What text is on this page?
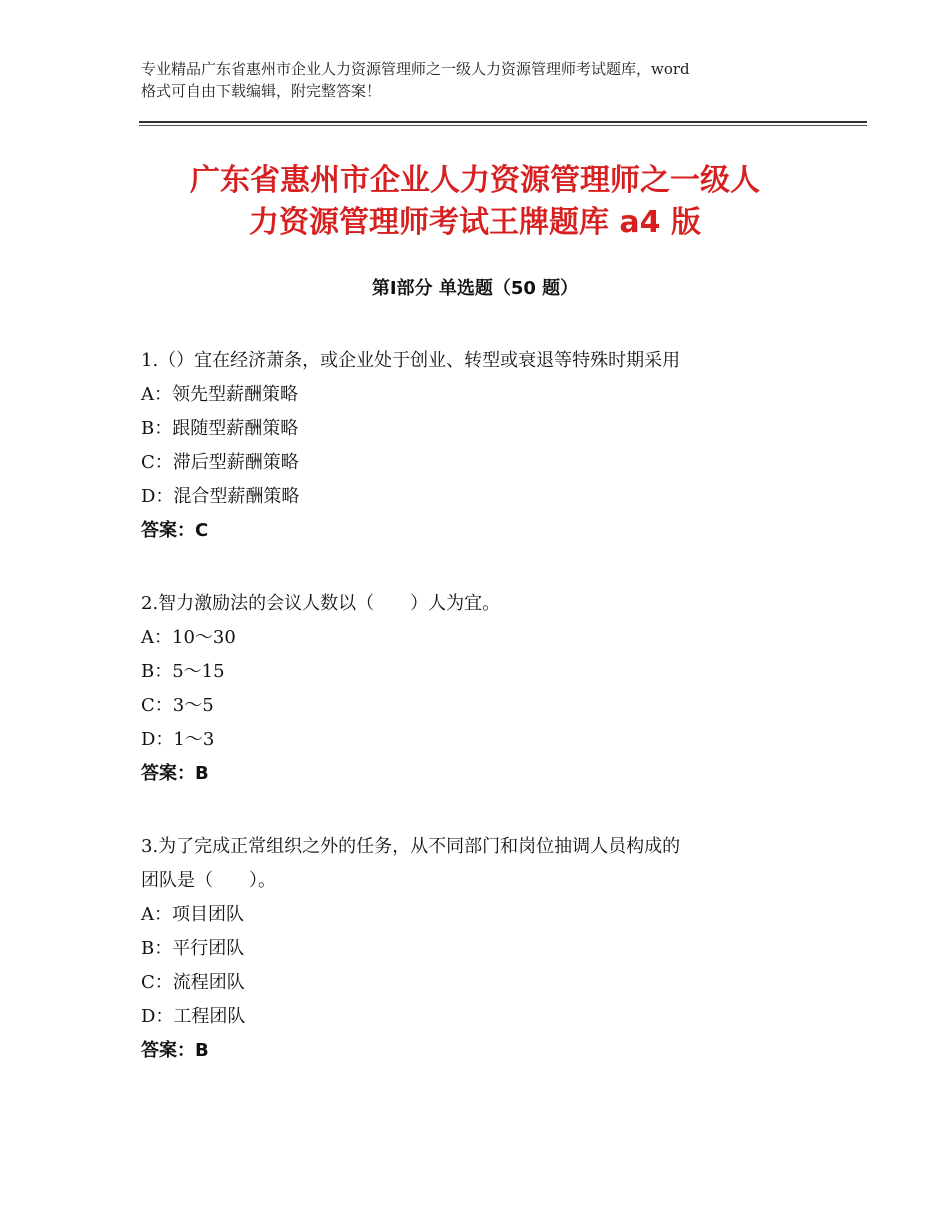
专业精品广东省惠州市企业人力资源管理师之一级人力资源管理师考试题库，word

格式可自由下载编辑，附完整答案！

广东省惠州市企业人力资源管理师之一级人

力资源管理师考试王牌题库 a4 版

第Ⅰ部分 单选题（50 题）

1.（）宜在经济萧条，或企业处于创业、转型或衰退等特殊时期采用

A：领先型薪酬策略

B：跟随型薪酬策略

C：滞后型薪酬策略

D：混合型薪酬策略

答案：C

2.智力激励法的会议人数以（　　）人为宜。

A：10～30

B：5～15

C：3～5

D：1～3

答案：B

3.为了完成正常组织之外的任务，从不同部门和岗位抽调人员构成的

团队是（　　）。

A：项目团队

B：平行团队

C：流程团队

D：工程团队

答案：B
